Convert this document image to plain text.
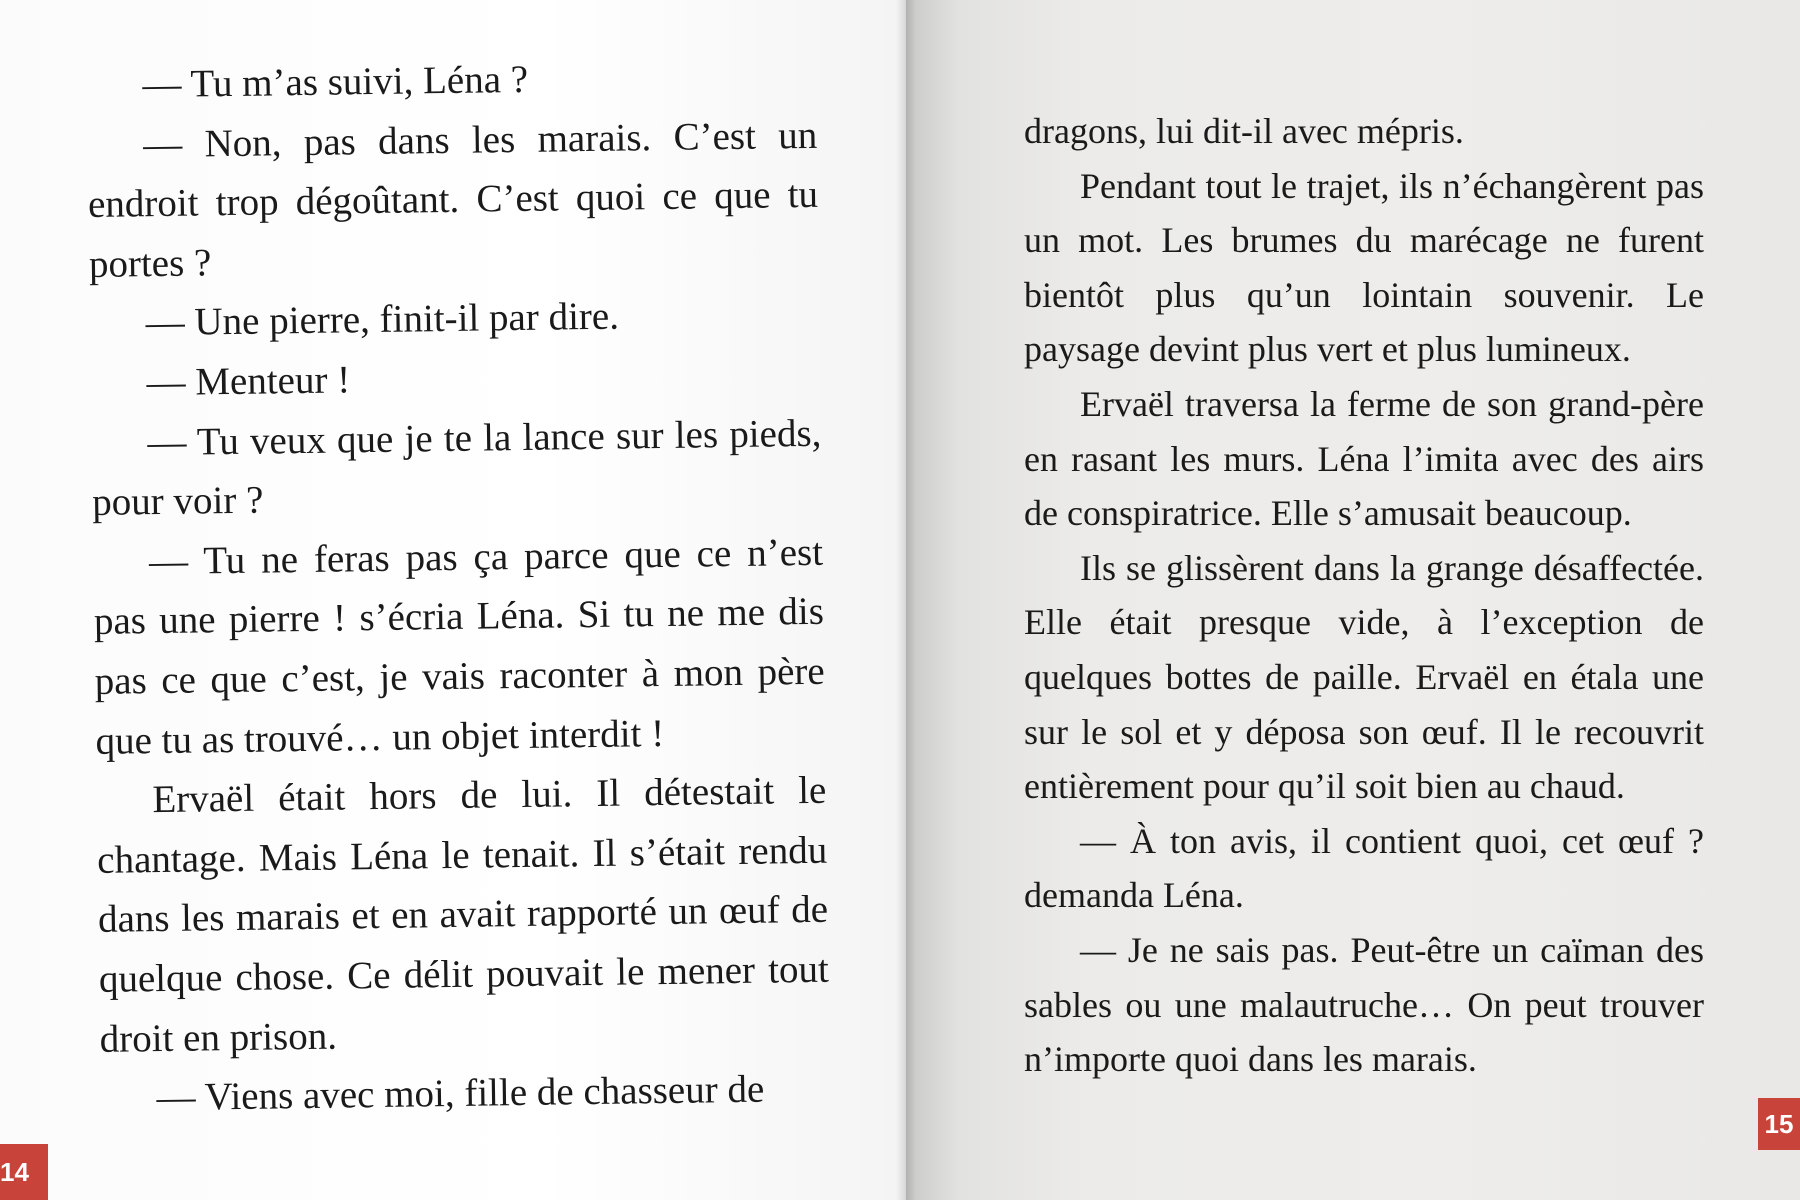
— Tu m’as suivi, Léna ?

— Non, pas dans les marais. C’est un endroit trop dégoûtant. C’est quoi ce que tu portes ?

— Une pierre, finit-il par dire.

— Menteur !

— Tu veux que je te la lance sur les pieds, pour voir ?

— Tu ne feras pas ça parce que ce n’est pas une pierre ! s’écria Léna. Si tu ne me dis pas ce que c’est, je vais raconter à mon père que tu as trouvé… un objet interdit !

Ervaël était hors de lui. Il détestait le chantage. Mais Léna le tenait. Il s’était rendu dans les marais et en avait rapporté un œuf de quelque chose. Ce délit pouvait le mener tout droit en prison.

— Viens avec moi, fille de chasseur de

14

dragons, lui dit-il avec mépris.

Pendant tout le trajet, ils n’échangèrent pas un mot. Les brumes du marécage ne furent bientôt plus qu’un lointain souvenir. Le paysage devint plus vert et plus lumineux.

Ervaël traversa la ferme de son grand-père en rasant les murs. Léna l’imita avec des airs de conspiratrice. Elle s’amusait beaucoup.

Ils se glissèrent dans la grange désaffectée. Elle était presque vide, à l’exception de quelques bottes de paille. Ervaël en étala une sur le sol et y déposa son œuf. Il le recouvrit entièrement pour qu’il soit bien au chaud.

— À ton avis, il contient quoi, cet œuf ? demanda Léna.

— Je ne sais pas. Peut-être un caïman des sables ou une malautruche… On peut trouver n’importe quoi dans les marais.

15
